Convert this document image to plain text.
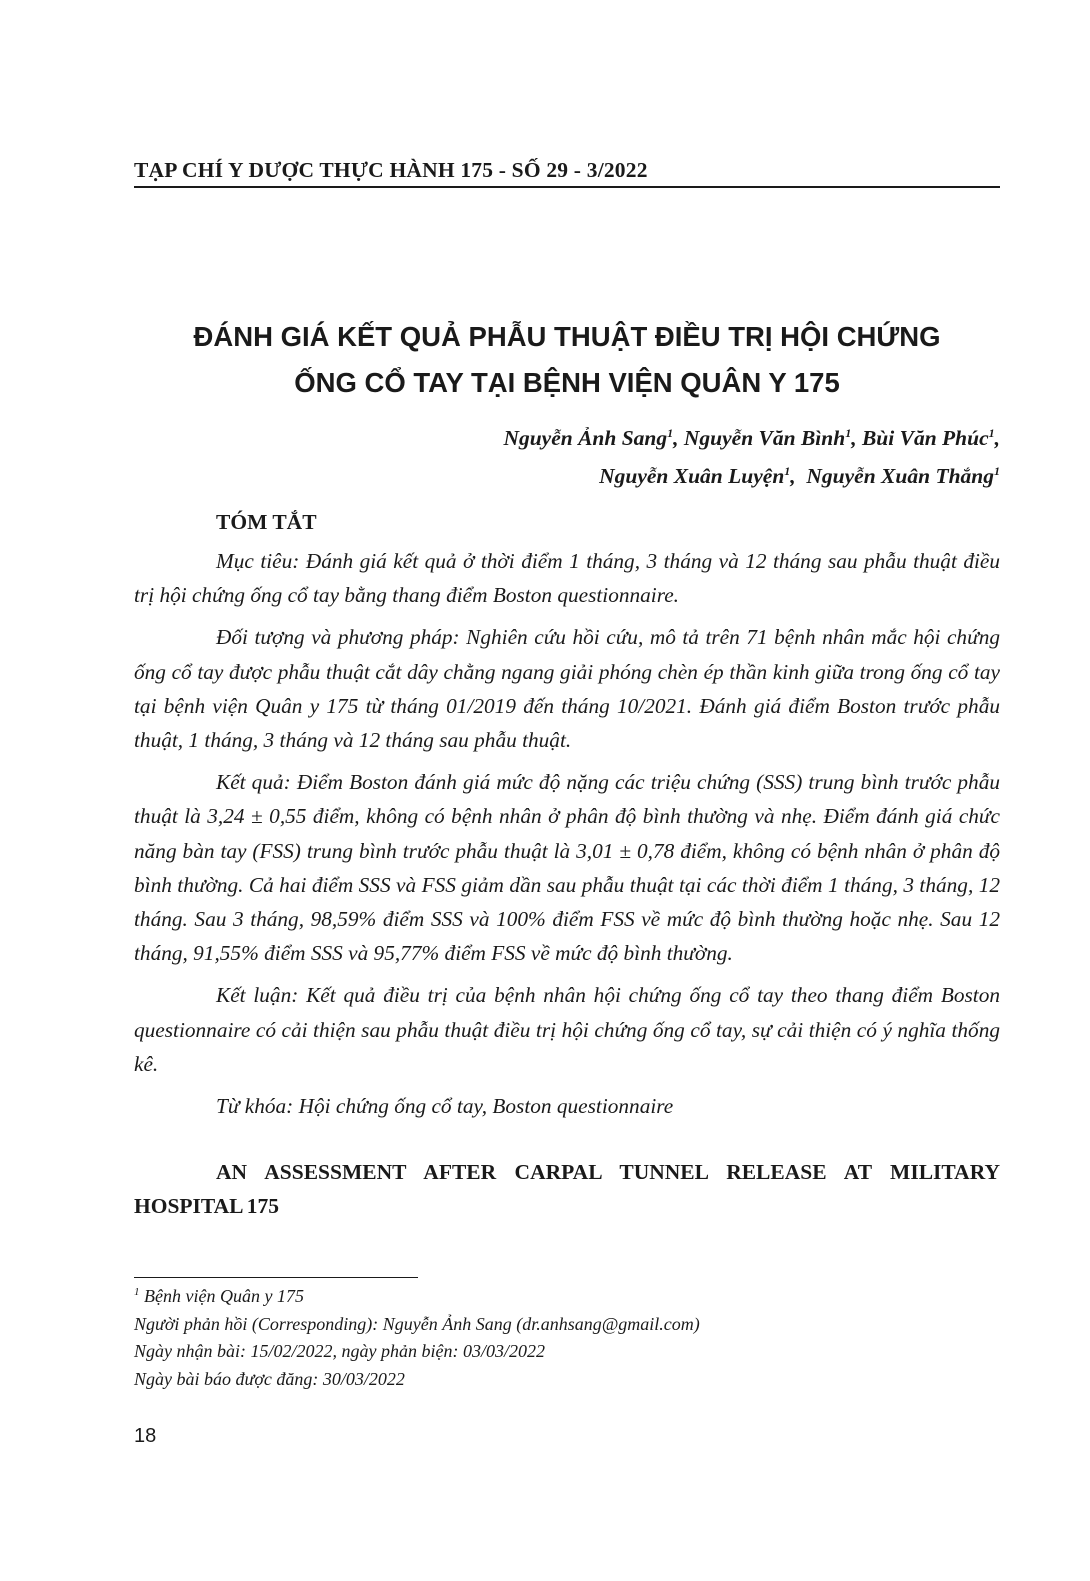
TẠP CHÍ Y DƯỢC THỰC HÀNH 175 - SỐ 29 - 3/2022
ĐÁNH GIÁ KẾT QUẢ PHẪU THUẬT ĐIỀU TRỊ HỘI CHỨNG
ỐNG CỔ TAY TẠI BỆNH VIỆN QUÂN Y 175
Nguyễn Ảnh Sang$^1$, Nguyễn Văn Bình$^1$, Bùi Văn Phúc$^1$,
Nguyễn Xuân Luyện$^1$,  Nguyễn Xuân Thắng$^1$
TÓM TẮT

Mục tiêu: Đánh giá kết quả ở thời điểm 1 tháng, 3 tháng và 12 tháng sau phẫu thuật điều trị hội chứng ống cổ tay bằng thang điểm Boston questionnaire.

Đối tượng và phương pháp: Nghiên cứu hồi cứu, mô tả trên 71 bệnh nhân mắc hội chứng ống cổ tay được phẫu thuật cắt dây chằng ngang giải phóng chèn ép thần kinh giữa trong ống cổ tay tại bệnh viện Quân y 175 từ tháng 01/2019 đến tháng 10/2021. Đánh giá điểm Boston trước phẫu thuật, 1 tháng, 3 tháng và 12 tháng sau phẫu thuật.

Kết quả: Điểm Boston đánh giá mức độ nặng các triệu chứng (SSS) trung bình trước phẫu thuật là 3,24 ± 0,55 điểm, không có bệnh nhân ở phân độ bình thường và nhẹ. Điểm đánh giá chức năng bàn tay (FSS) trung bình trước phẫu thuật là 3,01 ± 0,78 điểm, không có bệnh nhân ở phân độ bình thường. Cả hai điểm SSS và FSS giảm dần sau phẫu thuật tại các thời điểm 1 tháng, 3 tháng, 12 tháng. Sau 3 tháng, 98,59% điểm SSS và 100% điểm FSS về mức độ bình thường hoặc nhẹ. Sau 12 tháng, 91,55% điểm SSS và 95,77% điểm FSS về mức độ bình thường.

Kết luận: Kết quả điều trị của bệnh nhân hội chứng ống cổ tay theo thang điểm Boston questionnaire có cải thiện sau phẫu thuật điều trị hội chứng ống cổ tay, sự cải thiện có ý nghĩa thống kê.

Từ khóa: Hội chứng ống cổ tay, Boston questionnaire

AN ASSESSMENT AFTER CARPAL TUNNEL RELEASE AT MILITARY HOSPITAL 175
$^1$ Bệnh viện Quân y 175
Người phản hồi (Corresponding): Nguyễn Ảnh Sang (dr.anhsang@gmail.com)
Ngày nhận bài: 15/02/2022, ngày phản biện: 03/03/2022
Ngày bài báo được đăng: 30/03/2022
18
